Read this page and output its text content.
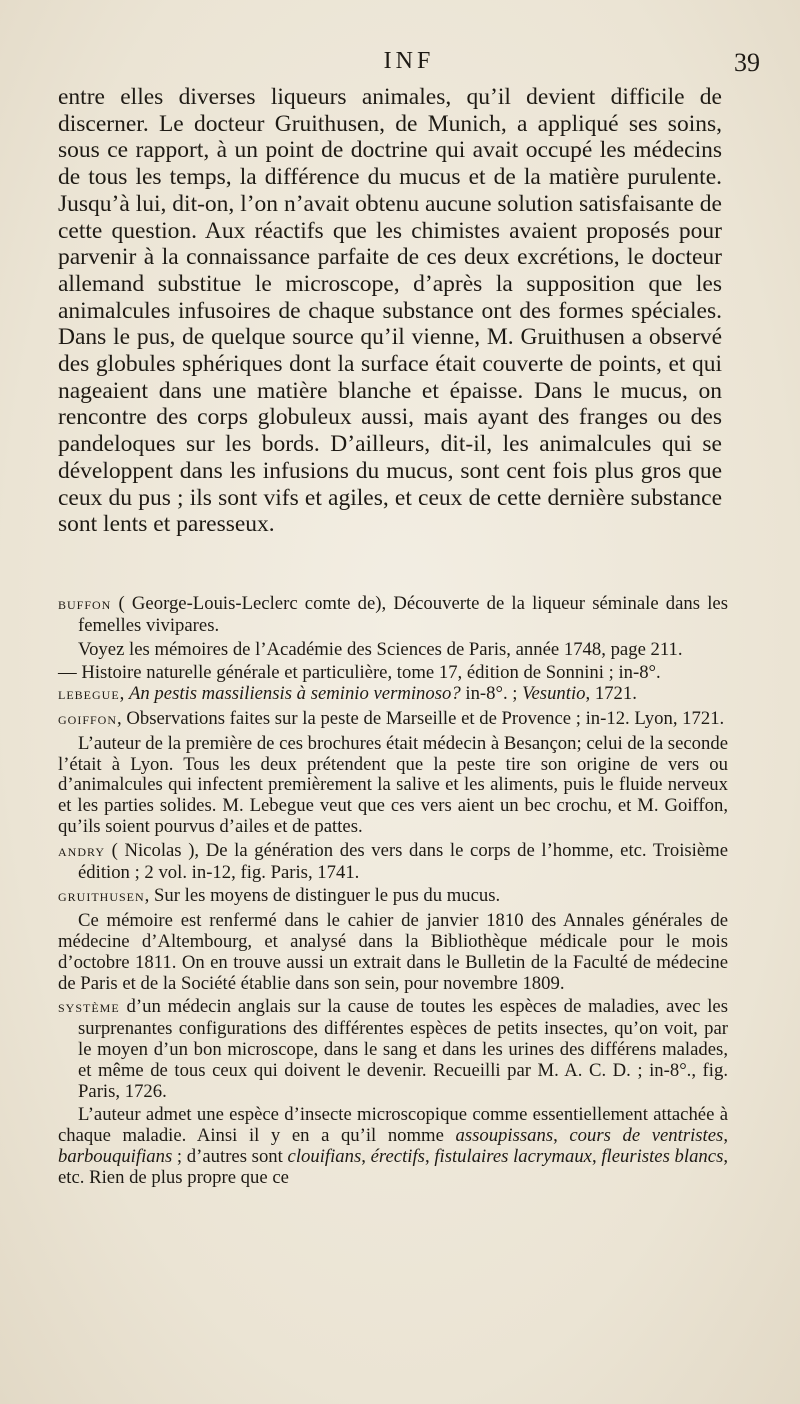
INF	39

entre elles diverses liqueurs animales, qu’il devient difficile de discerner. Le docteur Gruithusen, de Munich, a appliqué ses soins, sous ce rapport, à un point de doctrine qui avait occupé les médecins de tous les temps, la différence du mucus et de la matière purulente. Jusqu’à lui, dit-on, l’on n’avait obtenu aucune solution satisfaisante de cette question. Aux réactifs que les chimistes avaient proposés pour parvenir à la connaissance parfaite de ces deux excrétions, le docteur allemand substitue le microscope, d’après la supposition que les animalcules infusoires de chaque substance ont des formes spéciales. Dans le pus, de quelque source qu’il vienne, M. Gruithusen a observé des globules sphériques dont la surface était couverte de points, et qui nageaient dans une matière blanche et épaisse. Dans le mucus, on rencontre des corps globuleux aussi, mais ayant des franges ou des pandeloques sur les bords. D’ailleurs, dit-il, les animalcules qui se développent dans les infusions du mucus, sont cent fois plus gros que ceux du pus ; ils sont vifs et agiles, et ceux de cette dernière substance sont lents et paresseux.

BUFFON ( George-Louis-Leclerc comte de), Découverte de la liqueur séminale dans les femelles vivipares.

Voyez les mémoires de l’Académie des Sciences de Paris, année 1748, page 211.

— Histoire naturelle générale et particulière, tome 17, édition de Sonnini ; in-8°.

LEBEGUE, An pestis massiliensis à seminio verminoso? in-8°. ; Vesuntio, 1721.

GOIFFON, Observations faites sur la peste de Marseille et de Provence ; in-12. Lyon, 1721.

L’auteur de la première de ces brochures était médecin à Besançon; celui de la seconde l’était à Lyon. Tous les deux prétendent que la peste tire son origine de vers ou d’animalcules qui infectent premièrement la salive et les aliments, puis le fluide nerveux et les parties solides. M. Lebegue veut que ces vers aient un bec crochu, et M. Goiffon, qu’ils soient pourvus d’ailes et de pattes.

ANDRY ( Nicolas ), De la génération des vers dans le corps de l’homme, etc. Troisième édition ; 2 vol. in-12, fig. Paris, 1741.

GRUITHUSEN, Sur les moyens de distinguer le pus du mucus.

Ce mémoire est renfermé dans le cahier de janvier 1810 des Annales générales de médecine d’Altembourg, et analysé dans la Bibliothèque médicale pour le mois d’octobre 1811. On en trouve aussi un extrait dans le Bulletin de la Faculté de médecine de Paris et de la Société établie dans son sein, pour novembre 1809.

SYSTÈME d’un médecin anglais sur la cause de toutes les espèces de maladies, avec les surprenantes configurations des différentes espèces de petits insectes, qu’on voit, par le moyen d’un bon microscope, dans le sang et dans les urines des différens malades, et même de tous ceux qui doivent le devenir. Recueilli par M. A. C. D. ; in-8°., fig. Paris, 1726.

L’auteur admet une espèce d’insecte microscopique comme essentiellement attachée à chaque maladie. Ainsi il y en a qu’il nomme assoupissans, cours de ventristes, barbouquifians ; d’autres sont clouifians, érectifs, fistulaires lacrymaux, fleuristes blancs, etc. Rien de plus propre que ce
